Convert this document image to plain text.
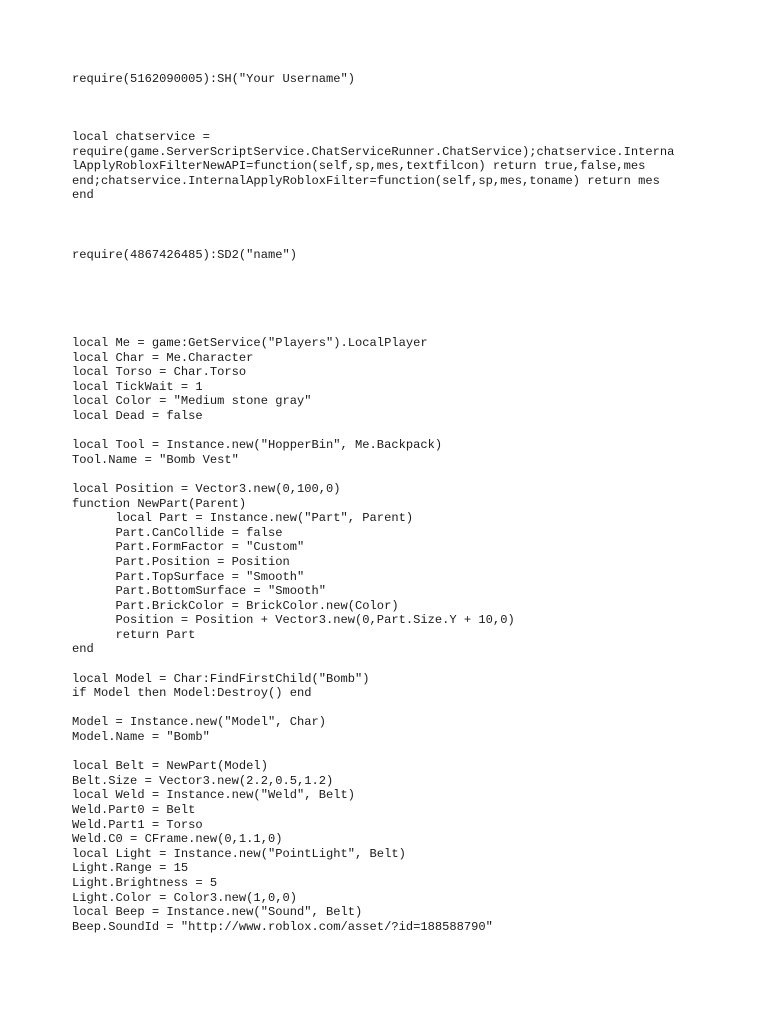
require(5162090005):SH("Your Username")
local chatservice =
require(game.ServerScriptService.ChatServiceRunner.ChatService);chatservice.Interna
lApplyRobloxFilterNewAPI=function(self,sp,mes,textfilcon) return true,false,mes
end;chatservice.InternalApplyRobloxFilter=function(self,sp,mes,toname) return mes
end
require(4867426485):SD2("name")
local Me = game:GetService("Players").LocalPlayer
local Char = Me.Character
local Torso = Char.Torso
local TickWait = 1
local Color = "Medium stone gray"
local Dead = false

local Tool = Instance.new("HopperBin", Me.Backpack)
Tool.Name = "Bomb Vest"

local Position = Vector3.new(0,100,0)
function NewPart(Parent)
local Part = Instance.new("Part", Parent)
Part.CanCollide = false
Part.FormFactor = "Custom"
Part.Position = Position
Part.TopSurface = "Smooth"
Part.BottomSurface = "Smooth"
Part.BrickColor = BrickColor.new(Color)
Position = Position + Vector3.new(0,Part.Size.Y + 10,0)
return Part
end

local Model = Char:FindFirstChild("Bomb")
if Model then Model:Destroy() end

Model = Instance.new("Model", Char)
Model.Name = "Bomb"

local Belt = NewPart(Model)
Belt.Size = Vector3.new(2.2,0.5,1.2)
local Weld = Instance.new("Weld", Belt)
Weld.Part0 = Belt
Weld.Part1 = Torso
Weld.C0 = CFrame.new(0,1.1,0)
local Light = Instance.new("PointLight", Belt)
Light.Range = 15
Light.Brightness = 5
Light.Color = Color3.new(1,0,0)
local Beep = Instance.new("Sound", Belt)
Beep.SoundId = "http://www.roblox.com/asset/?id=188588790"
